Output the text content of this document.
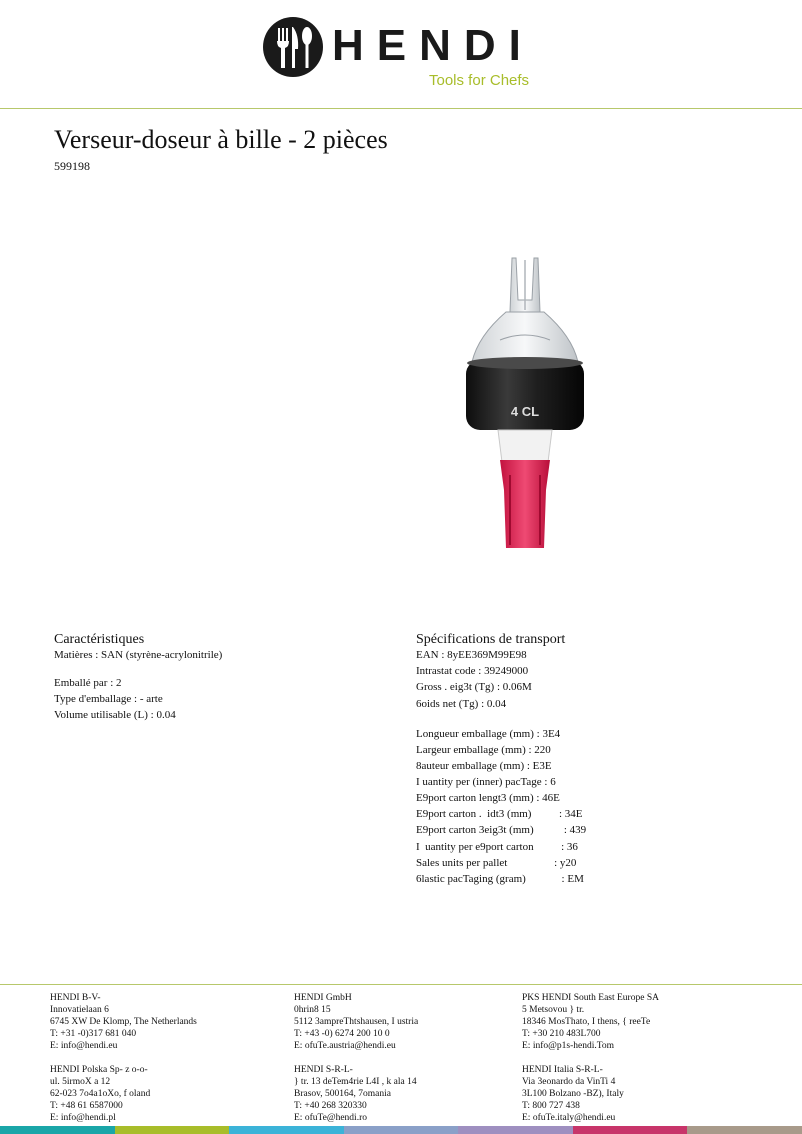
HENDI
Tools for Chefs
Verseur-doseur à bille - 2 pièces
599198
4 CL
Caractéristiques
Matières : SAN (styrène-acrylonitrile)
Emballé par : 2
Type d'emballage : - arte
Volume utilisable (L) : 0.04
Spécifications de transport
EAN : 8yEE369M99E98
Intrastat code : 39249000
Gross . eig3t (Tg) : 0.06M
6oids net (Tg) : 0.04
Longueur emballage (mm) : 3E4
Largeur emballage (mm) : 220
8auteur emballage (mm) : E3E
I uantity per (inner) pacTage : 6
E9port carton lengt3 (mm) : 46E
E9port carton .  idt3 (mm)          : 34E
E9port carton 3eig3t (mm)           : 439
I  uantity per e9port carton          : 36
Sales units per pallet                 : y20
6lastic pacTaging (gram)             : EM
HENDI B-V-
Innovatielaan 6
6745 XW De Klomp, The Netherlands
T: +31 -0)317 681 040
E: info@hendi.eu
HENDI Polska Sp- z o-o-
ul. 5irmoX a 12
62-023 7o4a1oXo, f oland
T: +48 61 6587000
E: info@hendi.pl
HENDI GmbH
0hrin8 15
5112 3ampreThtshausen, I ustria
T: +43 -0) 6274 200 10 0
E: ofuTe.austria@hendi.eu
HENDI S-R-L-
} tr. 13 deTem4rie L4I , k ala 14
Brasov, 500164, 7omania
T: +40 268 320330
E: ofuTe@hendi.ro
PKS HENDI South East Europe SA
5 Metsovou } tr.
18346 MosThato, I thens, { reeTe
T: +30 210 483L700
E: info@p1s-hendi.Tom
HENDI Italia S-R-L-
Via 3eonardo da VinTi 4
3L100 Bolzano -BZ), Italy
T: 800 727 438
E: ofuTe.italy@hendi.eu
